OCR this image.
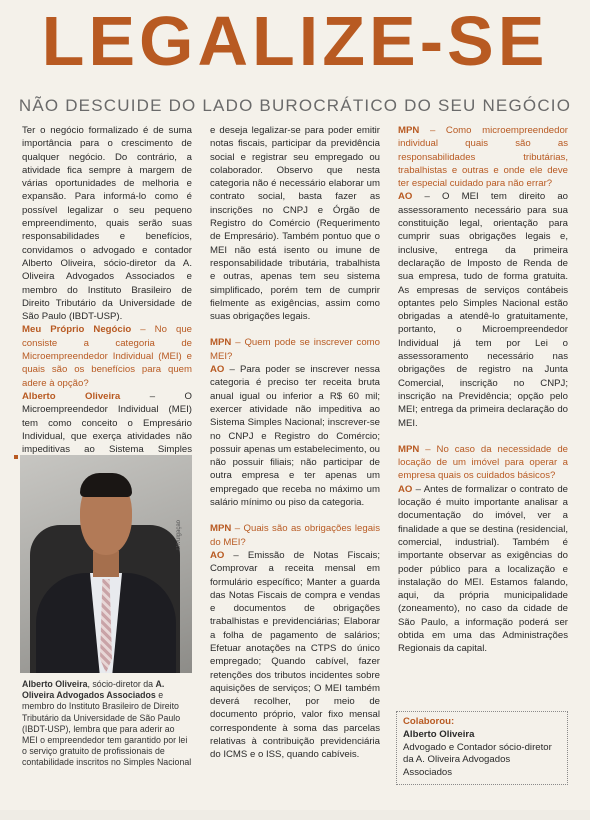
LEGALIZE-SE
NÃO DESCUIDE DO LADO BUROCRÁTICO DO SEU NEGÓCIO

Ter o negócio formalizado é de suma importância para o crescimento de qualquer negócio. Do contrário, a atividade fica sempre à margem de várias oportunidades de melhoria e expansão. Para informá-lo como é possível legalizar o seu pequeno empreendimento, quais serão suas responsabilidades e benefícios, convidamos o advogado e contador Alberto Oliveira, sócio-diretor da A. Oliveira Advogados Associados e membro do Instituto Brasileiro de Direito Tributário da Universidade de São Paulo (IBDT-USP).

Meu Próprio Negócio – No que consiste a categoria de Microempreendedor Individual (MEI) e quais são os benefícios para quem adere à opção?

Alberto Oliveira	– O Microempreendedor Individual (MEI) tem como conceito o Empresário Individual, que exerça atividades não impeditivas ao Sistema Simples

e deseja legalizar-se para poder emitir notas fiscais, participar da previdência social e registrar seu empregado ou colaborador. Observo que nesta categoria não é necessário elaborar um contrato social, basta fazer as inscrições no CNPJ e Órgão de Registro do Comércio (Requerimento de Empresário). Também pontuo que o MEI não está isento ou imune de responsabilidade tributária, trabalhista e outras, apenas tem seu sistema simplificado, porém tem de cumprir fielmente as exigências, assim como suas obrigações legais.

MPN – Quem pode se inscrever como MEI?

AO – Para poder se inscrever nessa categoria é preciso ter receita bruta anual igual ou inferior a R$ 60 mil; exercer atividade não impeditiva ao Sistema Simples Nacional; inscrever-se no CNPJ e Registro do Comércio; possuir apenas um estabelecimento, ou não possuir filiais; não participar de outra empresa e ter apenas um empregado que receba no máximo um salário mínimo ou piso da categoria.

MPN – Quais são as obrigações legais do MEI?

AO – Emissão de Notas Fiscais; Comprovar a receita mensal em formulário específico; Manter a guarda das Notas Fiscais de compra e vendas e documentos de obrigações trabalhistas e previdenciárias; Elaborar a folha de pagamento de salários; Efetuar anotações na CTPS do único empregado; Quando cabível, fazer retenções dos tributos incidentes sobre aquisições de serviços; O MEI também deverá recolher, por meio de documento próprio, valor fixo mensal correspondente à soma das parcelas relativas à contribuição previdenciária do ICMS e o ISS, quando cabíveis.

MPN – Como microempreendedor individual quais são as responsabilidades tributárias, trabalhistas e outras e onde ele deve ter especial cuidado para não errar?

AO – O MEI tem direito ao assessoramento necessário para sua constituição legal, orientação para cumprir suas obrigações legais e, inclusive, entrega da primeira declaração de Imposto de Renda de sua empresa, tudo de forma gratuita. As empresas de serviços contábeis optantes pelo Simples Nacional estão obrigadas a atendê-lo gratuitamente, portanto, o Microempreendedor Individual já tem por Lei o assessoramento necessário nas obrigações de registro na Junta Comercial, inscrição no CNPJ; inscrição na Previdência; opção pelo MEI; entrega da primeira declaração do MEI.

MPN – No caso da necessidade de locação de um imóvel para operar a empresa quais os cuidados básicos?

AO – Antes de formalizar o contrato de locação é muito importante analisar a documentação do imóvel, ver a finalidade a que se destina (residencial, comercial, industrial). Também é importante observar as exigências do poder público para a localização e instalação do MEI. Estamos falando, aqui, da própria municipalidade (zoneamento), no caso da cidade de São Paulo, a informação poderá ser obtida em uma das Administrações Regionais da capital.

Divulgação
Alberto Oliveira, sócio-diretor da A. Oliveira Advogados Associados e membro do Instituto Brasileiro de Direito Tributário da Universidade de São Paulo (IBDT-USP), lembra que para aderir ao MEI o empreendedor tem garantido por lei o serviço gratuito de profissionais de contabilidade inscritos no Simples Nacional
Colaborou:
Alberto Oliveira
Advogado e Contador sócio-diretor da A. Oliveira Advogados Associados
